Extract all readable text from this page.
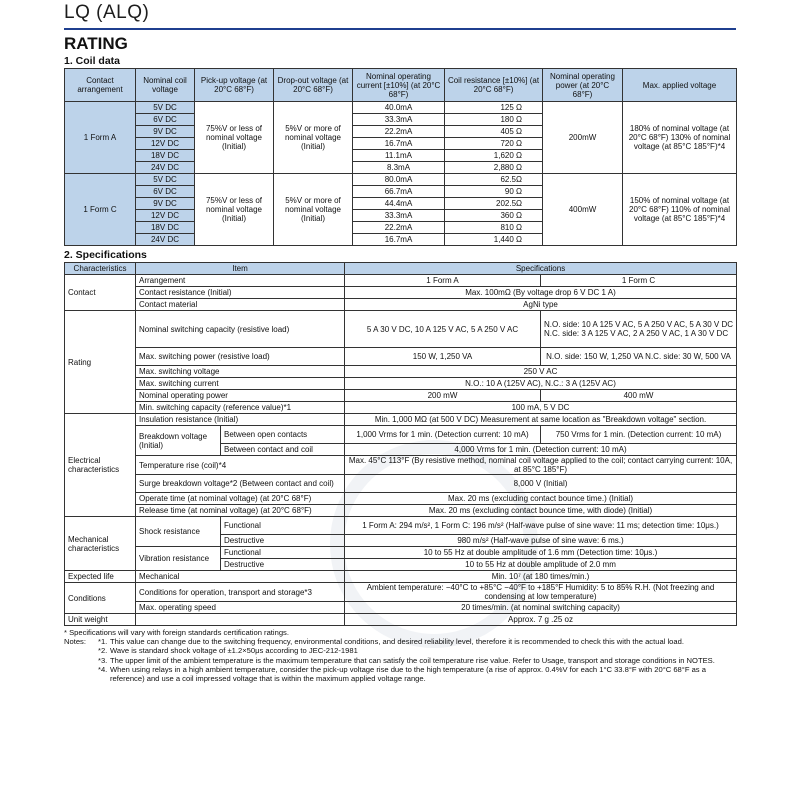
LQ (ALQ)
RATING
1. Coil data
Contact arrangement	Nominal coil voltage	Pick-up voltage (at 20°C 68°F)	Drop-out voltage (at 20°C 68°F)	Nominal operating current [±10%] (at 20°C 68°F)	Coil resistance [±10%] (at 20°C 68°F)	Nominal operating power (at 20°C 68°F)	Max. applied voltage
1 Form A	5V DC	75%V or less of nominal voltage (Initial)	5%V or more of nominal voltage (Initial)	40.0mA	125 Ω	200mW	180% of nominal voltage (at 20°C 68°F) 130% of nominal voltage (at 85°C 185°F)*4
	6V DC			33.3mA	180 Ω		
	9V DC			22.2mA	405 Ω		
	12V DC			16.7mA	720 Ω		
	18V DC			11.1mA	1,620 Ω		
	24V DC			8.3mA	2,880 Ω		
1 Form C	5V DC	75%V or less of nominal voltage (Initial)	5%V or more of nominal voltage (Initial)	80.0mA	62.5Ω	400mW	150% of nominal voltage (at 20°C 68°F) 110% of nominal voltage (at 85°C 185°F)*4
	6V DC			66.7mA	90 Ω		
	9V DC			44.4mA	202.5Ω		
	12V DC			33.3mA	360 Ω		
	18V DC			22.2mA	810 Ω		
	24V DC			16.7mA	1,440 Ω		
2. Specifications
Characteristics	Item		Specifications	
Contact	Arrangement		1 Form A	1 Form C
	Contact resistance (Initial)		Max. 100mΩ (By voltage drop 6 V DC 1 A)	
	Contact material		AgNi type	
Rating	Nominal switching capacity (resistive load)		5 A 30 V DC, 10 A 125 V AC, 5 A 250 V AC	N.O. side: 10 A 125 V AC, 5 A 250 V AC, 5 A 30 V DC N.C. side: 3 A 125 V AC, 2 A 250 V AC, 1 A 30 V DC
	Max. switching power (resistive load)		150 W, 1,250 VA	N.O. side: 150 W, 1,250 VA N.C. side: 30 W, 500 VA
	Max. switching voltage		250 V AC	
	Max. switching current		N.O.: 10 A (125V AC), N.C.: 3 A (125V AC)	
	Nominal operating power		200 mW	400 mW
	Min. switching capacity (reference value)*1		100 mA, 5 V DC	
Electrical characteristics	Insulation resistance (Initial)		Min. 1,000 MΩ (at 500 V DC) Measurement at same location as "Breakdown voltage" section.	
	Breakdown voltage (Initial)	Between open contacts	1,000 Vrms for 1 min. (Detection current: 10 mA)	750 Vrms for 1 min. (Detection current: 10 mA)
		Between contact and coil	4,000 Vrms for 1 min. (Detection current: 10 mA)	
	Temperature rise (coil)*4		Max. 45°C 113°F (By resistive method, nominal coil voltage applied to the coil; contact carrying current: 10A, at 85°C 185°F)	
	Surge breakdown voltage*2 (Between contact and coil)		8,000 V (Initial)	
	Operate time (at nominal voltage) (at 20°C 68°F)		Max. 20 ms (excluding contact bounce time.) (Initial)	
	Release time (at nominal voltage) (at 20°C 68°F)		Max. 20 ms (excluding contact bounce time, with diode) (Initial)	
Mechanical characteristics	Shock resistance	Functional	1 Form A: 294 m/s², 1 Form C: 196 m/s² (Half-wave pulse of sine wave: 11 ms; detection time: 10μs.)	
		Destructive	980 m/s² (Half-wave pulse of sine wave: 6 ms.)	
	Vibration resistance	Functional	10 to 55 Hz at double amplitude of 1.6 mm (Detection time: 10μs.)	
		Destructive	10 to 55 Hz at double amplitude of 2.0 mm	
Expected life	Mechanical		Min. 10⁷ (at 180 times/min.)	
Conditions	Conditions for operation, transport and storage*3		Ambient temperature: −40°C to +85°C −40°F to +185°F Humidity: 5 to 85% R.H. (Not freezing and condensing at low temperature)	
	Max. operating speed		20 times/min. (at nominal switching capacity)	
Unit weight			Approx. 7 g .25 oz	
* Specifications will vary with foreign standards certification ratings.
Notes:	*1. This value can change due to the switching frequency, environmental conditions, and desired reliability level, therefore it is recommended to check this with the actual load.
*2. Wave is standard shock voltage of ±1.2×50μs according to JEC-212-1981
*3. The upper limit of the ambient temperature is the maximum temperature that can satisfy the coil temperature rise value. Refer to Usage, transport and storage conditions in NOTES.
*4. When using relays in a high ambient temperature, consider the pick-up voltage rise due to the high temperature (a rise of approx. 0.4%V for each 1°C 33.8°F with 20°C 68°F as a reference) and use a coil impressed voltage that is within the maximum applied voltage range.
